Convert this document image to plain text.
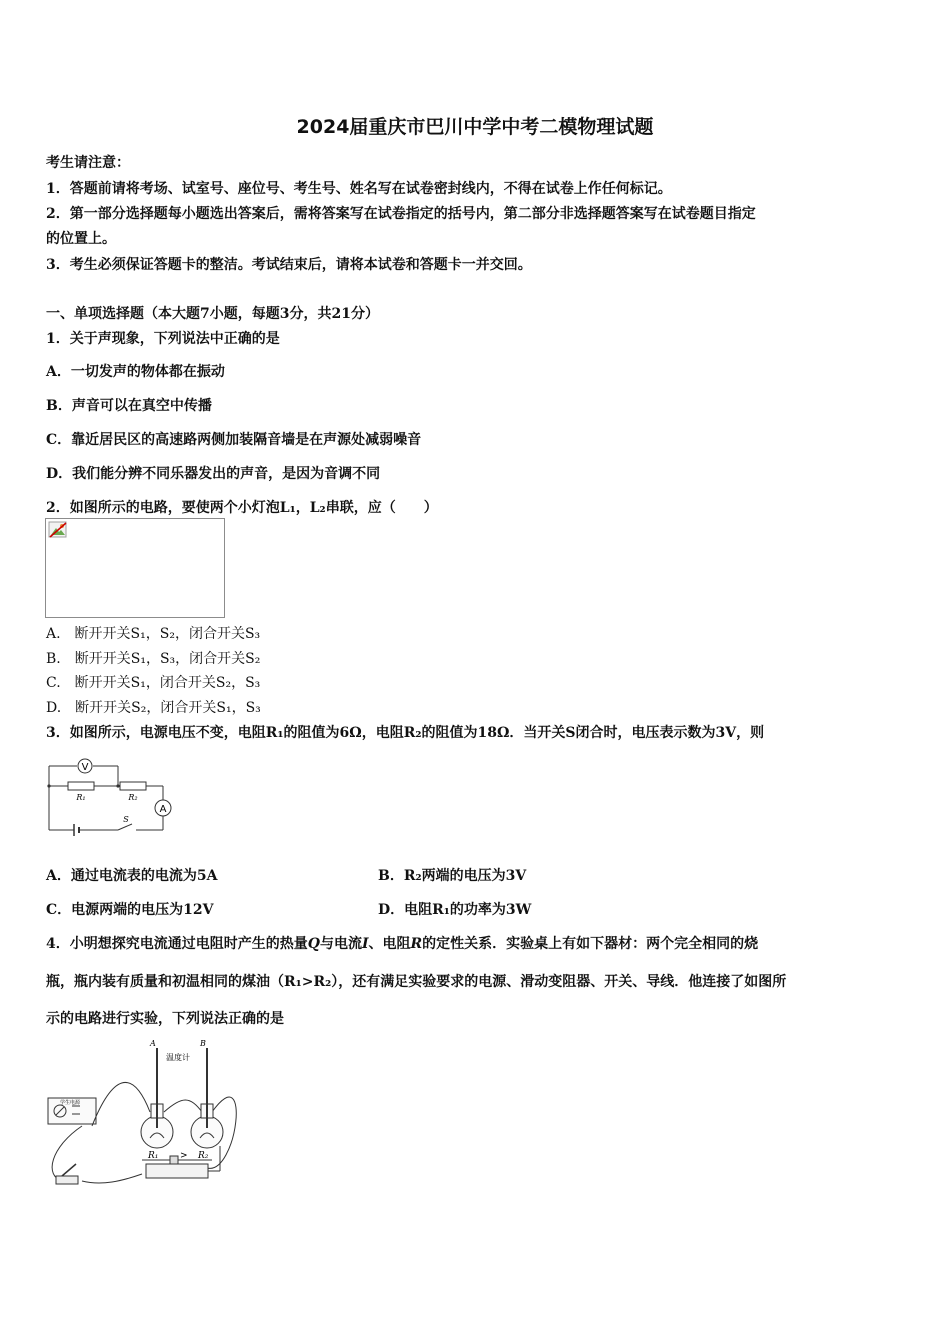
2024届重庆市巴川中学中考二模物理试题
考生请注意：
1．答题前请将考场、试室号、座位号、考生号、姓名写在试卷密封线内，不得在试卷上作任何标记。
2．第一部分选择题每小题选出答案后，需将答案写在试卷指定的括号内，第二部分非选择题答案写在试卷题目指定
的位置上。
3．考生必须保证答题卡的整洁。考试结束后，请将本试卷和答题卡一并交回。
一、单项选择题（本大题7小题，每题3分，共21分）
1．关于声现象，下列说法中正确的是
A．一切发声的物体都在振动
B．声音可以在真空中传播
C．靠近居民区的高速路两侧加装隔音墙是在声源处减弱噪音
D．我们能分辨不同乐器发出的声音，是因为音调不同
2．如图所示的电路，要使两个小灯泡L₁，L₂串联，应（　　）
A.　断开开关S₁，S₂，闭合开关S₃
B.　断开开关S₁，S₃，闭合开关S₂
C.　断开开关S₁，闭合开关S₂，S₃
D.　断开开关S₂，闭合开关S₁，S₃
3．如图所示，电源电压不变，电阻R₁的阻值为6Ω，电阻R₂的阻值为18Ω．当开关S闭合时，电压表示数为3V，则
V
A
R₁	R₂
S
A．通过电流表的电流为5A	B．R₂两端的电压为3V
C．电源两端的电压为12V	D．电阻R₁的功率为3W
4．小明想探究电流通过电阻时产生的热量Q与电流I、电阻R的定性关系．实验桌上有如下器材：两个完全相同的烧
瓶，瓶内装有质量和初温相同的煤油（R₁>R₂），还有满足实验要求的电源、滑动变阻器、开关、导线．他连接了如图所
示的电路进行实验，下列说法正确的是
A	B
温度计
学生电源
R₁ > R₂
